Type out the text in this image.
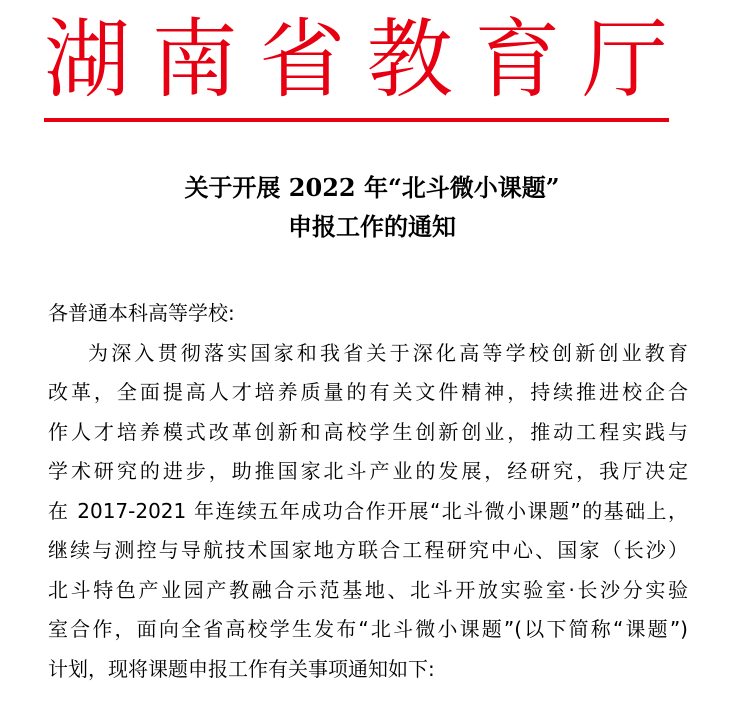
湖南省教育厅
关于开展 2022 年“北斗微小课题”
申报工作的通知
各普通本科高等学校:
为深入贯彻落实国家和我省关于深化高等学校创新创业教育
改革，全面提高人才培养质量的有关文件精神，持续推进校企合
作人才培养模式改革创新和高校学生创新创业，推动工程实践与
学术研究的进步，助推国家北斗产业的发展，经研究，我厅决定
在 2017-2021 年连续五年成功合作开展“北斗微小课题”的基础上，
继续与测控与导航技术国家地方联合工程研究中心、国家（长沙）
北斗特色产业园产教融合示范基地、北斗开放实验室·长沙分实验
室合作，面向全省高校学生发布“北斗微小课题”(以下简称“课题”)
计划，现将课题申报工作有关事项通知如下:
